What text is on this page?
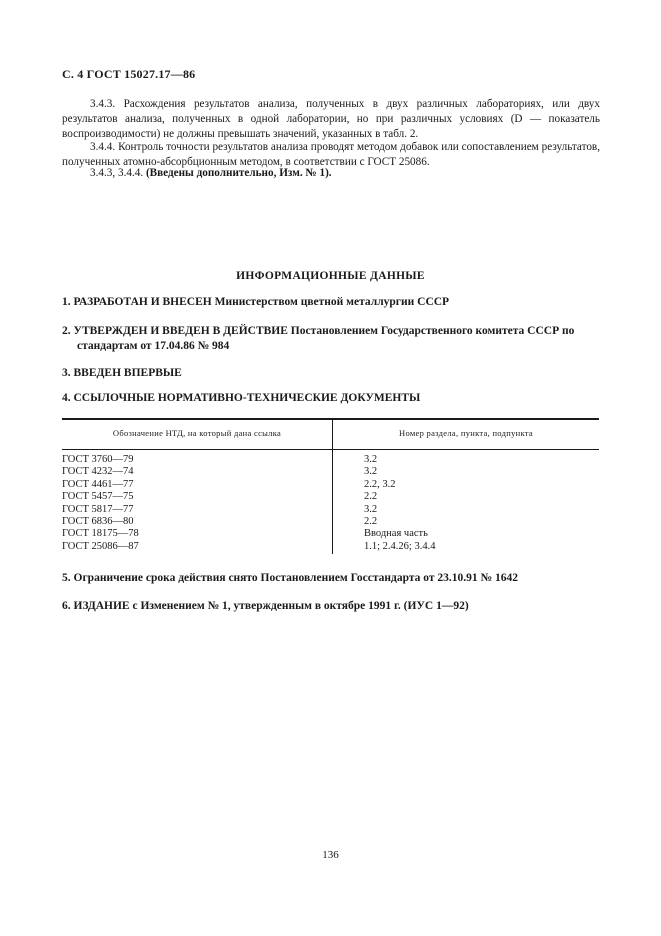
С. 4 ГОСТ 15027.17—86
3.4.3. Расхождения результатов анализа, полученных в двух различных лабораториях, или двух результатов анализа, полученных в одной лаборатории, но при различных условиях (D — показатель воспроизводимости) не должны превышать значений, указанных в табл. 2.
3.4.4. Контроль точности результатов анализа проводят методом добавок или сопоставлением результатов, полученных атомно-абсорбционным методом, в соответствии с ГОСТ 25086.
3.4.3, 3.4.4. (Введены дополнительно, Изм. № 1).
ИНФОРМАЦИОННЫЕ ДАННЫЕ
1. РАЗРАБОТАН И ВНЕСЕН Министерством цветной металлургии СССР
2. УТВЕРЖДЕН И ВВЕДЕН В ДЕЙСТВИЕ Постановлением Государственного комитета СССР по
стандартам от 17.04.86 № 984
3. ВВЕДЕН ВПЕРВЫЕ
4. ССЫЛОЧНЫЕ НОРМАТИВНО-ТЕХНИЧЕСКИЕ ДОКУМЕНТЫ
Обозначение НТД, на который дана ссылка	Номер раздела, пункта, подпункта
ГОСТ 3760—79
ГОСТ 4232—74
ГОСТ 4461—77
ГОСТ 5457—75
ГОСТ 5817—77
ГОСТ 6836—80
ГОСТ 18175—78
ГОСТ 25086—87
3.2
3.2
2.2, 3.2
2.2
3.2
2.2
Вводная часть
1.1; 2.4.26; 3.4.4
5. Ограничение срока действия снято Постановлением Госстандарта от 23.10.91 № 1642
6. ИЗДАНИЕ с Изменением № 1, утвержденным в октябре 1991 г. (ИУС 1—92)
136
